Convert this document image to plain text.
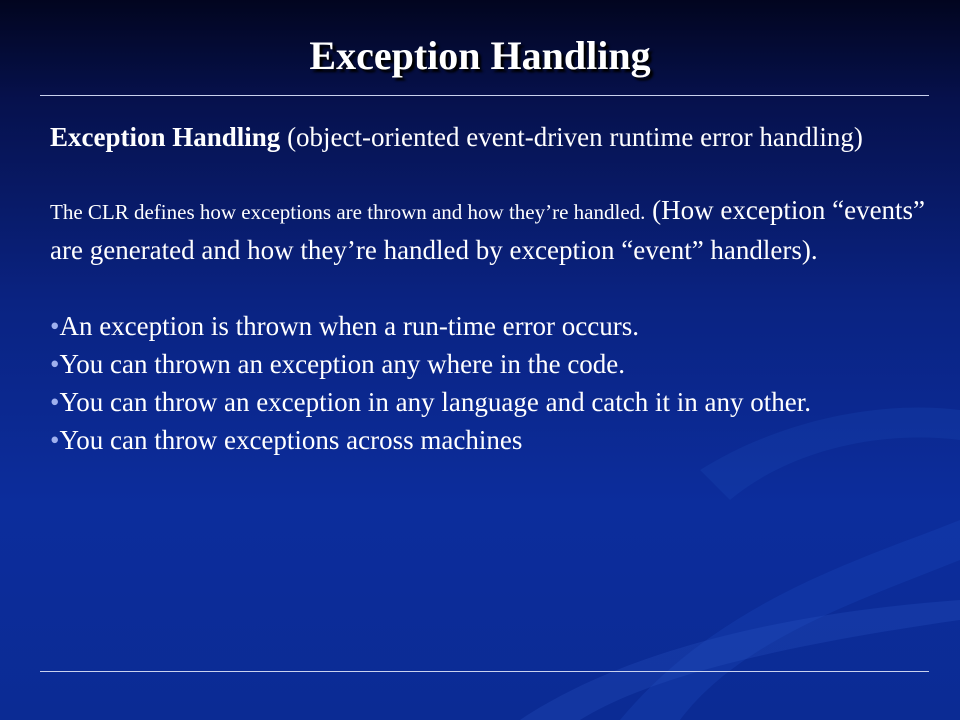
Exception Handling

Exception Handling (object-oriented event-driven runtime error handling)

The CLR defines how exceptions are thrown and how they’re handled. (How exception “events” are generated and how they’re handled by exception “event” handlers).

•An exception is thrown when a run-time error occurs.
•You can thrown an exception any where in the code.
•You can throw an exception in any language and catch it in any other.
•You can throw exceptions across machines
